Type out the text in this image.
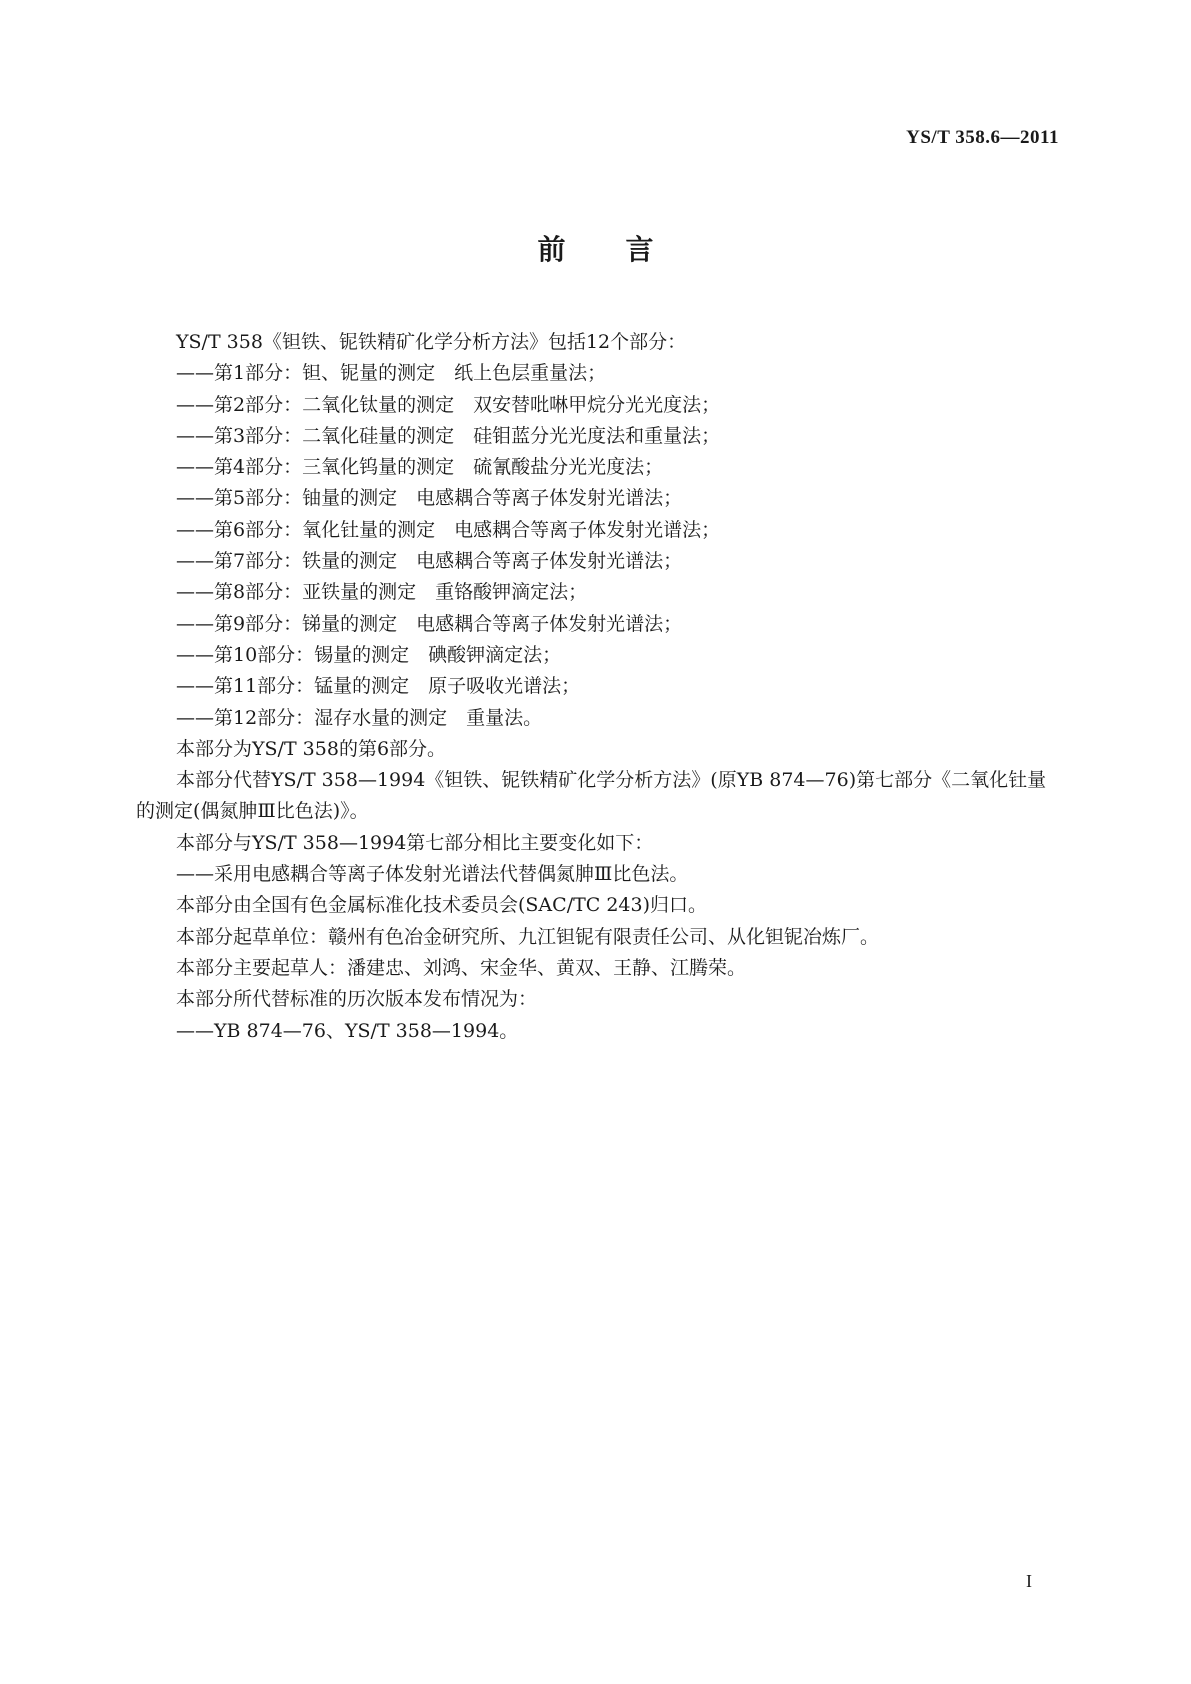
YS/T 358.6—2011
前言

YS/T 358《钽铁、铌铁精矿化学分析方法》包括12个部分：

——第1部分：钽、铌量的测定　纸上色层重量法；

——第2部分：二氧化钛量的测定　双安替吡啉甲烷分光光度法；

——第3部分：二氧化硅量的测定　硅钼蓝分光光度法和重量法；

——第4部分：三氧化钨量的测定　硫氰酸盐分光光度法；

——第5部分：铀量的测定　电感耦合等离子体发射光谱法；

——第6部分：氧化钍量的测定　电感耦合等离子体发射光谱法；

——第7部分：铁量的测定　电感耦合等离子体发射光谱法；

——第8部分：亚铁量的测定　重铬酸钾滴定法；

——第9部分：锑量的测定　电感耦合等离子体发射光谱法；

——第10部分：锡量的测定　碘酸钾滴定法；

——第11部分：锰量的测定　原子吸收光谱法；

——第12部分：湿存水量的测定　重量法。

本部分为YS/T 358的第6部分。

本部分代替YS/T 358—1994《钽铁、铌铁精矿化学分析方法》(原YB 874—76)第七部分《二氧化钍量的测定(偶氮胂Ⅲ比色法)》。

本部分与YS/T 358—1994第七部分相比主要变化如下：

——采用电感耦合等离子体发射光谱法代替偶氮胂Ⅲ比色法。

本部分由全国有色金属标准化技术委员会(SAC/TC 243)归口。

本部分起草单位：赣州有色冶金研究所、九江钽铌有限责任公司、从化钽铌冶炼厂。

本部分主要起草人：潘建忠、刘鸿、宋金华、黄双、王静、江腾荣。

本部分所代替标准的历次版本发布情况为：

——YB 874—76、YS/T 358—1994。

I
